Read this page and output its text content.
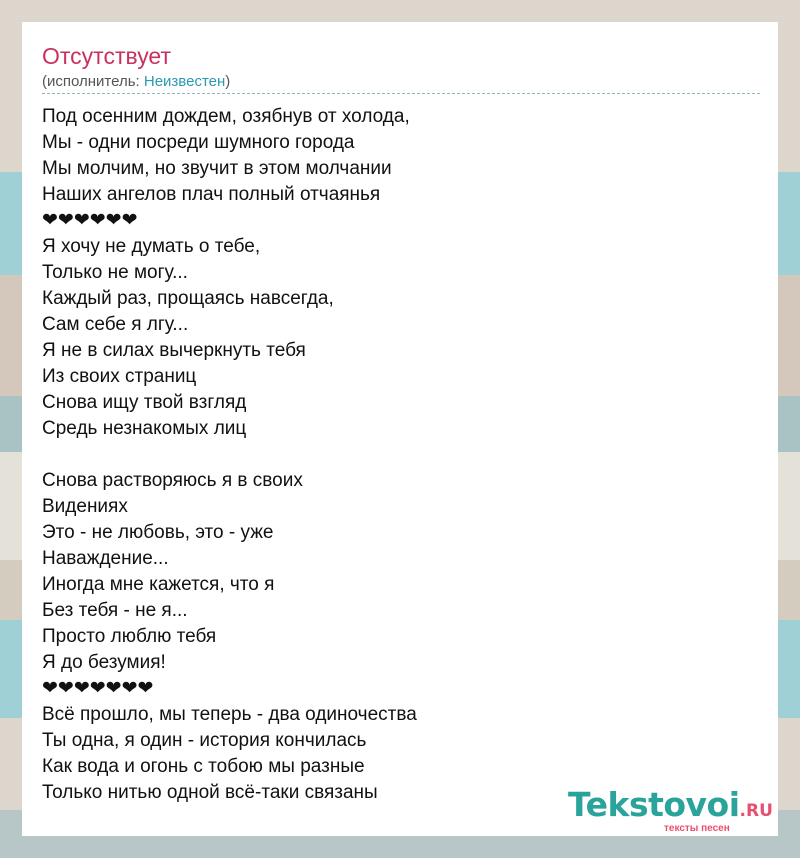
Отсутствует
(исполнитель: Неизвестен)
Под осенним дождем, озябнув от холода,
Мы - одни посреди шумного города
Мы молчим, но звучит в этом молчании
Наших ангелов плач полный отчаянья
❤❤❤❤❤❤
Я хочу не думать о тебе,
Только не могу...
Каждый раз, прощаясь навсегда,
Сам себе я лгу...
Я не в силах вычеркнуть тебя
Из своих страниц
Снова ищу твой взгляд
Средь незнакомых лиц
Снова растворяюсь я в своих
Видениях
Это - не любовь, это - уже
Наваждение...
Иногда мне кажется, что я
Без тебя - не я...
Просто люблю тебя
Я до безумия!
❤❤❤❤❤❤❤
Всё прошло, мы теперь - два одиночества
Ты одна, я один - история кончилась
Как вода и огонь с тобою мы разные
Только нитью одной всё-таки связаны	Tekstovoi.RU
тексты песен
